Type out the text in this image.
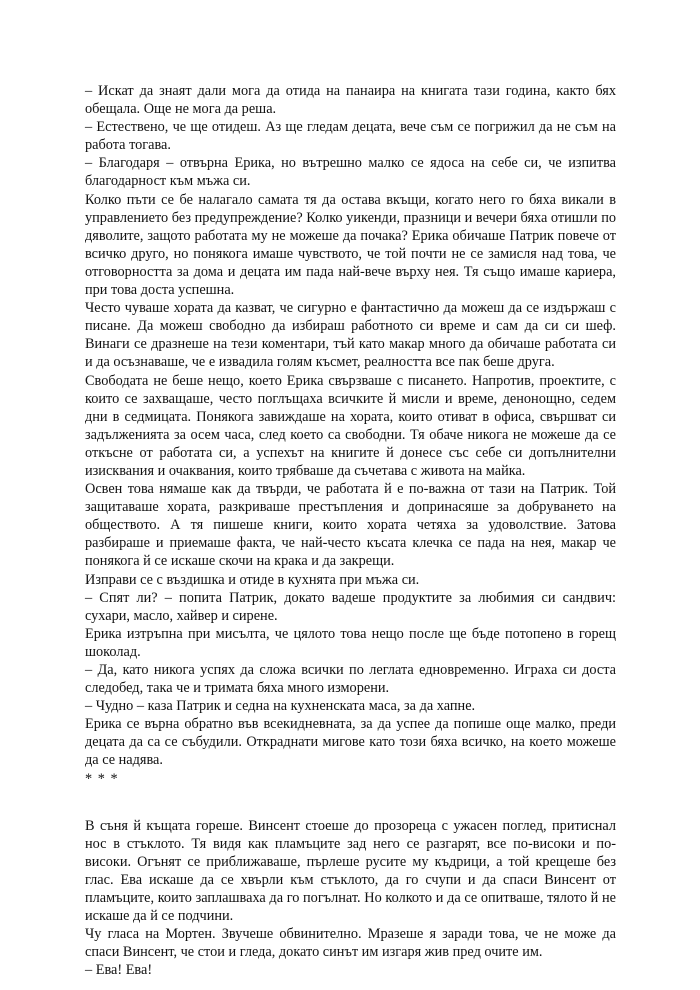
– Искат да знаят дали мога да отида на панаира на книгата тази година, както бях обещала. Още не мога да реша.

– Естествено, че ще отидеш. Аз ще гледам децата, вече съм се погрижил да не съм на работа тогава.

– Благодаря – отвърна Ерика, но вътрешно малко се ядоса на себе си, че изпитва благодарност към мъжа си.

Колко пъти се бе налагало самата тя да остава вкъщи, когато него го бяха викали в управлението без предупреждение? Колко уикенди, празници и вечери бяха отишли по дяволите, защото работата му не можеше да почака? Ерика обичаше Патрик повече от всичко друго, но понякога имаше чувството, че той почти не се замисля над това, че отговорността за дома и децата им пада най-вече върху нея. Тя също имаше кариера, при това доста успешна.

Често чуваше хората да казват, че сигурно е фантастично да можеш да се издържаш с писане. Да можеш свободно да избираш работното си време и сам да си си шеф. Винаги се дразнеше на тези коментари, тъй като макар много да обичаше работата си и да осъзнаваше, че е извадила голям късмет, реалността все пак беше друга.

Свободата не беше нещо, което Ерика свързваше с писането. Напротив, проектите, с които се захващаше, често поглъщаха всичките й мисли и време, денонощно, седем дни в седмицата. Понякога завиждаше на хората, които отиват в офиса, свършват си задълженията за осем часа, след което са свободни. Тя обаче никога не можеше да се откъсне от работата си, а успехът на книгите й донесе със себе си допълнителни изисквания и очаквания, които трябваше да съчетава с живота на майка.

Освен това нямаше как да твърди, че работата й е по-важна от тази на Патрик. Той защитаваше хората, разкриваше престъпления и допринасяше за добруването на обществото. А тя пишеше книги, които хората четяха за удоволствие. Затова разбираше и приемаше факта, че най-често късата клечка се пада на нея, макар че понякога й се искаше скочи на крака и да закрещи.

Изправи се с въздишка и отиде в кухнята при мъжа си.

– Спят ли? – попита Патрик, докато вадеше продуктите за любимия си сандвич: сухари, масло, хайвер и сирене.

Ерика изтръпна при мисълта, че цялото това нещо после ще бъде потопено в горещ шоколад.

– Да, като никога успях да сложа всички по леглата едновременно. Играха си доста следобед, така че и тримата бяха много изморени.

– Чудно – каза Патрик и седна на кухненската маса, за да хапне.

Ерика се върна обратно във всекидневната, за да успее да попише още малко, преди децата да са се събудили. Откраднати мигове като този бяха всичко, на което можеше да се надява.

* * *

В съня й къщата гореше. Винсент стоеше до прозореца с ужасен поглед, притиснал нос в стъклото. Тя видя как пламъците зад него се разгарят, все по-високи и по-високи. Огънят се приближаваше, пърлеше русите му къдрици, а той крещеше без глас. Ева искаше да се хвърли към стъклото, да го счупи и да спаси Винсент от пламъците, които заплашваха да го погълнат. Но колкото и да се опитваше, тялото й не искаше да й се подчини.

Чу гласа на Мортен. Звучеше обвинително. Мразеше я заради това, че не може да спаси Винсент, че стои и гледа, докато синът им изгаря жив пред очите им.

– Ева! Ева!
